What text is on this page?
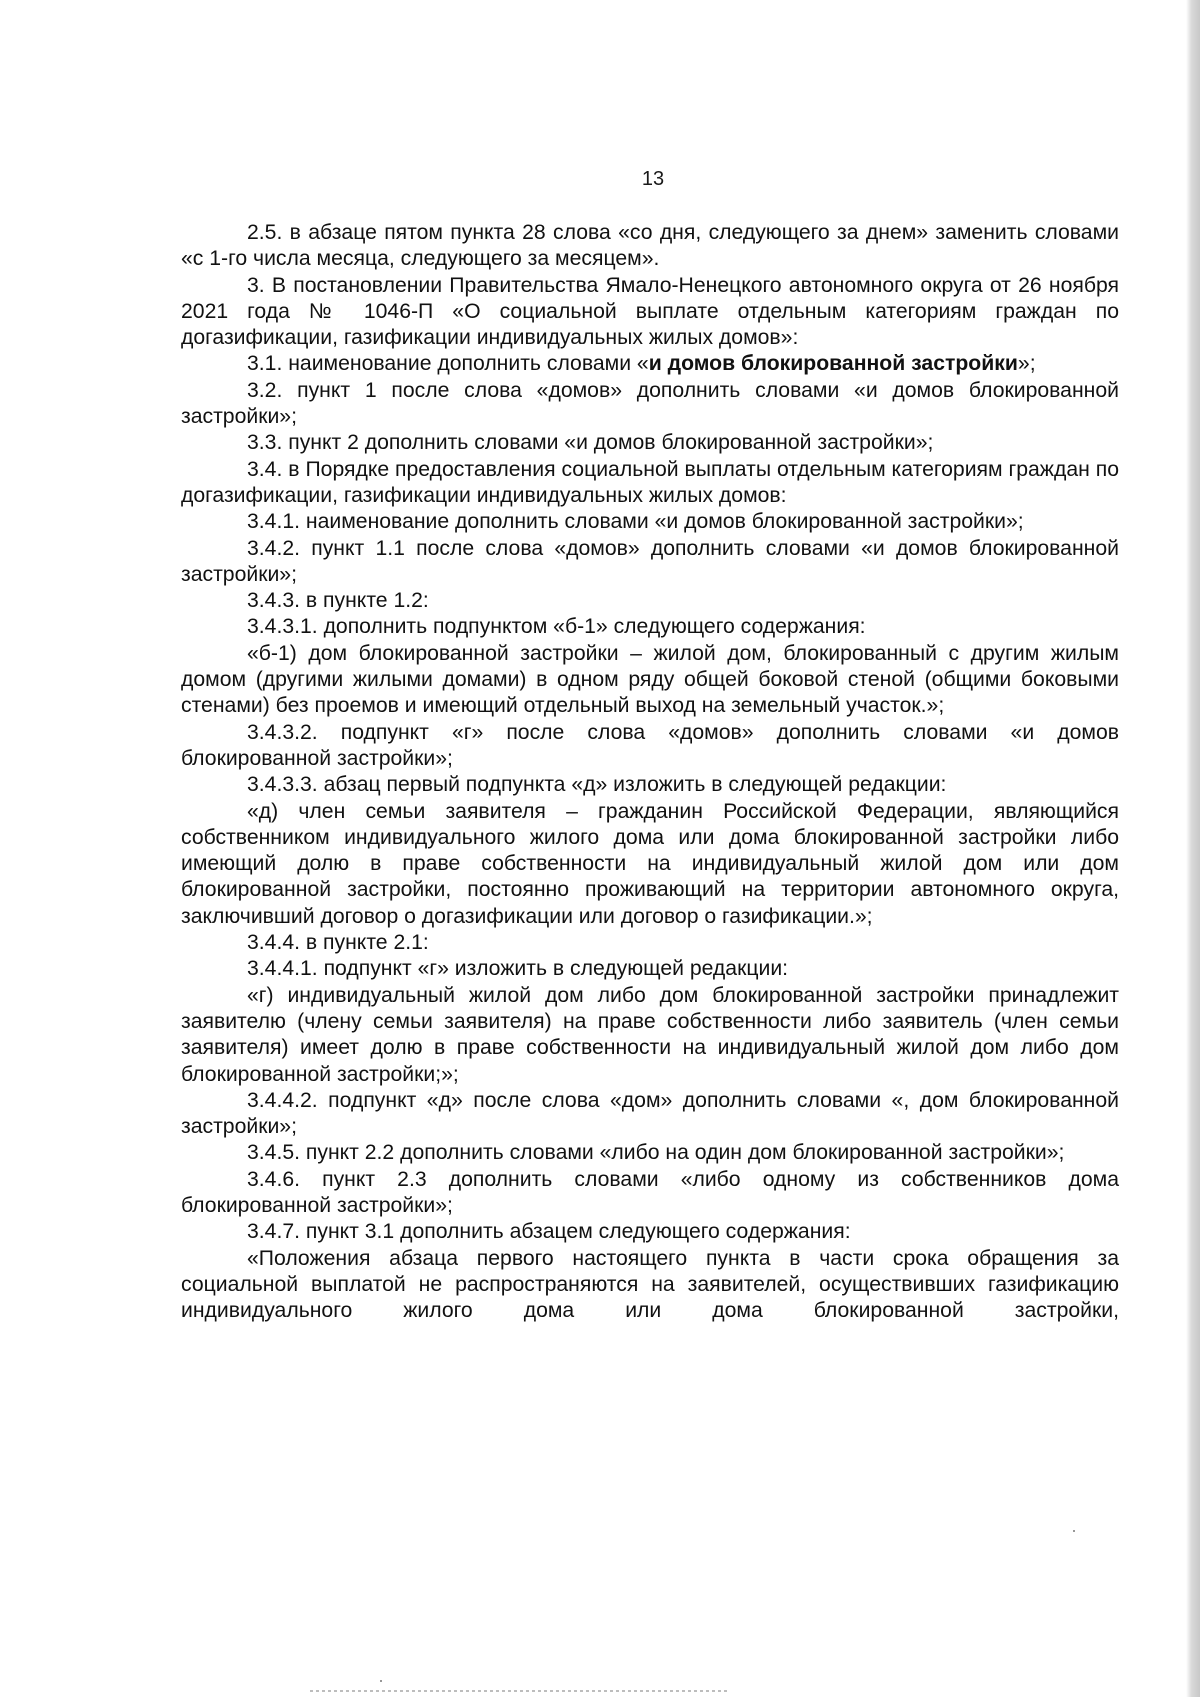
13

2.5. в абзаце пятом пункта 28 слова «со дня, следующего за днем» заменить словами «с 1-го числа месяца, следующего за месяцем».

3. В постановлении Правительства Ямало-Ненецкого автономного округа от 26 ноября 2021 года № 1046-П «О социальной выплате отдельным категориям граждан по догазификации, газификации индивидуальных жилых домов»:

3.1. наименование дополнить словами «и домов блокированной застройки»;

3.2. пункт 1 после слова «домов» дополнить словами «и домов блокированной застройки»;

3.3. пункт 2 дополнить словами «и домов блокированной застройки»;

3.4. в Порядке предоставления социальной выплаты отдельным категориям граждан по догазификации, газификации индивидуальных жилых домов:

3.4.1. наименование дополнить словами «и домов блокированной застройки»;

3.4.2. пункт 1.1 после слова «домов» дополнить словами «и домов блокированной застройки»;

3.4.3. в пункте 1.2:

3.4.3.1. дополнить подпунктом «б-1» следующего содержания:

«б-1) дом блокированной застройки – жилой дом, блокированный с другим жилым домом (другими жилыми домами) в одном ряду общей боковой стеной (общими боковыми стенами) без проемов и имеющий отдельный выход на земельный участок.»;

3.4.3.2. подпункт «г» после слова «домов» дополнить словами «и домов блокированной застройки»;

3.4.3.3. абзац первый подпункта «д» изложить в следующей редакции:

«д) член семьи заявителя – гражданин Российской Федерации, являющийся собственником индивидуального жилого дома или дома блокированной застройки либо имеющий долю в праве собственности на индивидуальный жилой дом или дом блокированной застройки, постоянно проживающий на территории автономного округа, заключивший договор о догазификации или договор о газификации.»;

3.4.4. в пункте 2.1:

3.4.4.1. подпункт «г» изложить в следующей редакции:

«г) индивидуальный жилой дом либо дом блокированной застройки принадлежит заявителю (члену семьи заявителя) на праве собственности либо заявитель (член семьи заявителя) имеет долю в праве собственности на индивидуальный жилой дом либо дом блокированной застройки;»;

3.4.4.2. подпункт «д» после слова «дом» дополнить словами «, дом блокированной застройки»;

3.4.5. пункт 2.2 дополнить словами «либо на один дом блокированной застройки»;

3.4.6. пункт 2.3 дополнить словами «либо одному из собственников дома блокированной застройки»;

3.4.7. пункт 3.1 дополнить абзацем следующего содержания:

«Положения абзаца первого настоящего пункта в части срока обращения за социальной выплатой не распространяются на заявителей, осуществивших газификацию индивидуального жилого дома или дома блокированной застройки,
